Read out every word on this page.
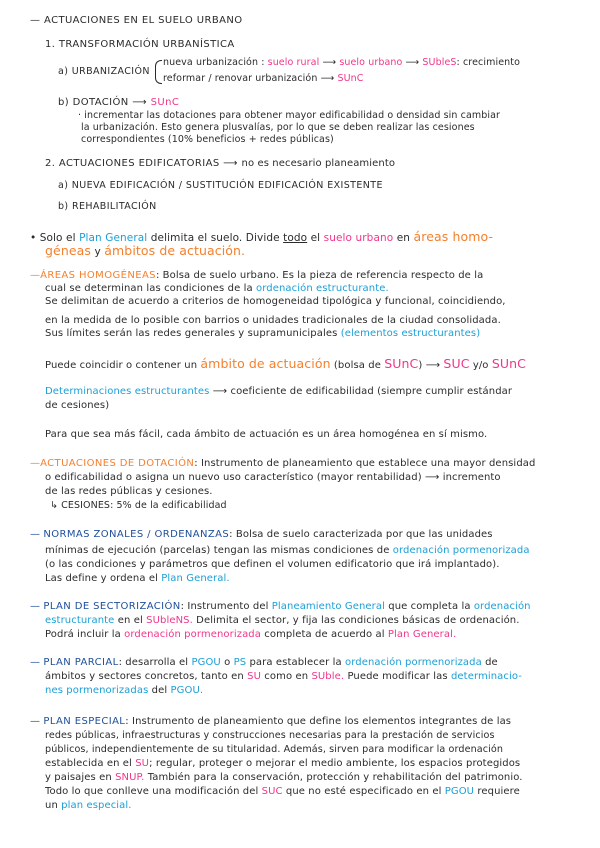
— ACTUACIONES EN EL SUELO URBANO
1. TRANSFORMACIÓN URBANÍSTICA
a) URBANIZACIÓN
nueva urbanización : suelo rural ⟶ suelo urbano ⟶ SUbleS: crecimiento
reformar / renovar urbanización ⟶ SUnC
b) DOTACIÓN ⟶ SUnC
· incrementar las dotaciones para obtener mayor edificabilidad o densidad sin cambiar
la urbanización. Esto genera plusvalías, por lo que se deben realizar las cesiones
correspondientes (10% beneficios + redes públicas)
2. ACTUACIONES EDIFICATORIAS ⟶ no es necesario planeamiento
a) NUEVA EDIFICACIÓN / SUSTITUCIÓN EDIFICACIÓN EXISTENTE
b) REHABILITACIÓN
• Solo el Plan General delimita el suelo. Divide todo el suelo urbano en áreas homo-
géneas y ámbitos de actuación.
—ÁREAS HOMOGÉNEAS: Bolsa de suelo urbano. Es la pieza de referencia respecto de la
cual se determinan las condiciones de la ordenación estructurante.
Se delimitan de acuerdo a criterios de homogeneidad tipológica y funcional, coincidiendo,
en la medida de lo posible con barrios o unidades tradicionales de la ciudad consolidada.
Sus límites serán las redes generales y supramunicipales (elementos estructurantes)
Puede coincidir o contener un ámbito de actuación (bolsa de SUnC) ⟶ SUC y/o SUnC
Determinaciones estructurantes ⟶ coeficiente de edificabilidad (siempre cumplir estándar
de cesiones)
Para que sea más fácil, cada ámbito de actuación es un área homogénea en sí mismo.
—ACTUACIONES DE DOTACIÓN: Instrumento de planeamiento que establece una mayor densidad
o edificabilidad o asigna un nuevo uso característico (mayor rentabilidad) ⟶ incremento
de las redes públicas y cesiones.
↳ CESIONES: 5% de la edificabilidad
— NORMAS ZONALES / ORDENANZAS: Bolsa de suelo caracterizada por que las unidades
mínimas de ejecución (parcelas) tengan las mismas condiciones de ordenación pormenorizada
(o las condiciones y parámetros que definen el volumen edificatorio que irá implantado).
Las define y ordena el Plan General.
— PLAN DE SECTORIZACIÓN: Instrumento del Planeamiento General que completa la ordenación
estructurante en el SUbleNS. Delimita el sector, y fija las condiciones básicas de ordenación.
Podrá incluir la ordenación pormenorizada completa de acuerdo al Plan General.
— PLAN PARCIAL: desarrolla el PGOU o PS para establecer la ordenación pormenorizada de
ámbitos y sectores concretos, tanto en SU como en SUble. Puede modificar las determinacio-
nes pormenorizadas del PGOU.
— PLAN ESPECIAL: Instrumento de planeamiento que define los elementos integrantes de las
redes públicas, infraestructuras y construcciones necesarias para la prestación de servicios
públicos, independientemente de su titularidad. Además, sirven para modificar la ordenación
establecida en el SU; regular, proteger o mejorar el medio ambiente, los espacios protegidos
y paisajes en SNUP. También para la conservación, protección y rehabilitación del patrimonio.
Todo lo que conlleve una modificación del SUC que no esté especificado en el PGOU requiere
un plan especial.
